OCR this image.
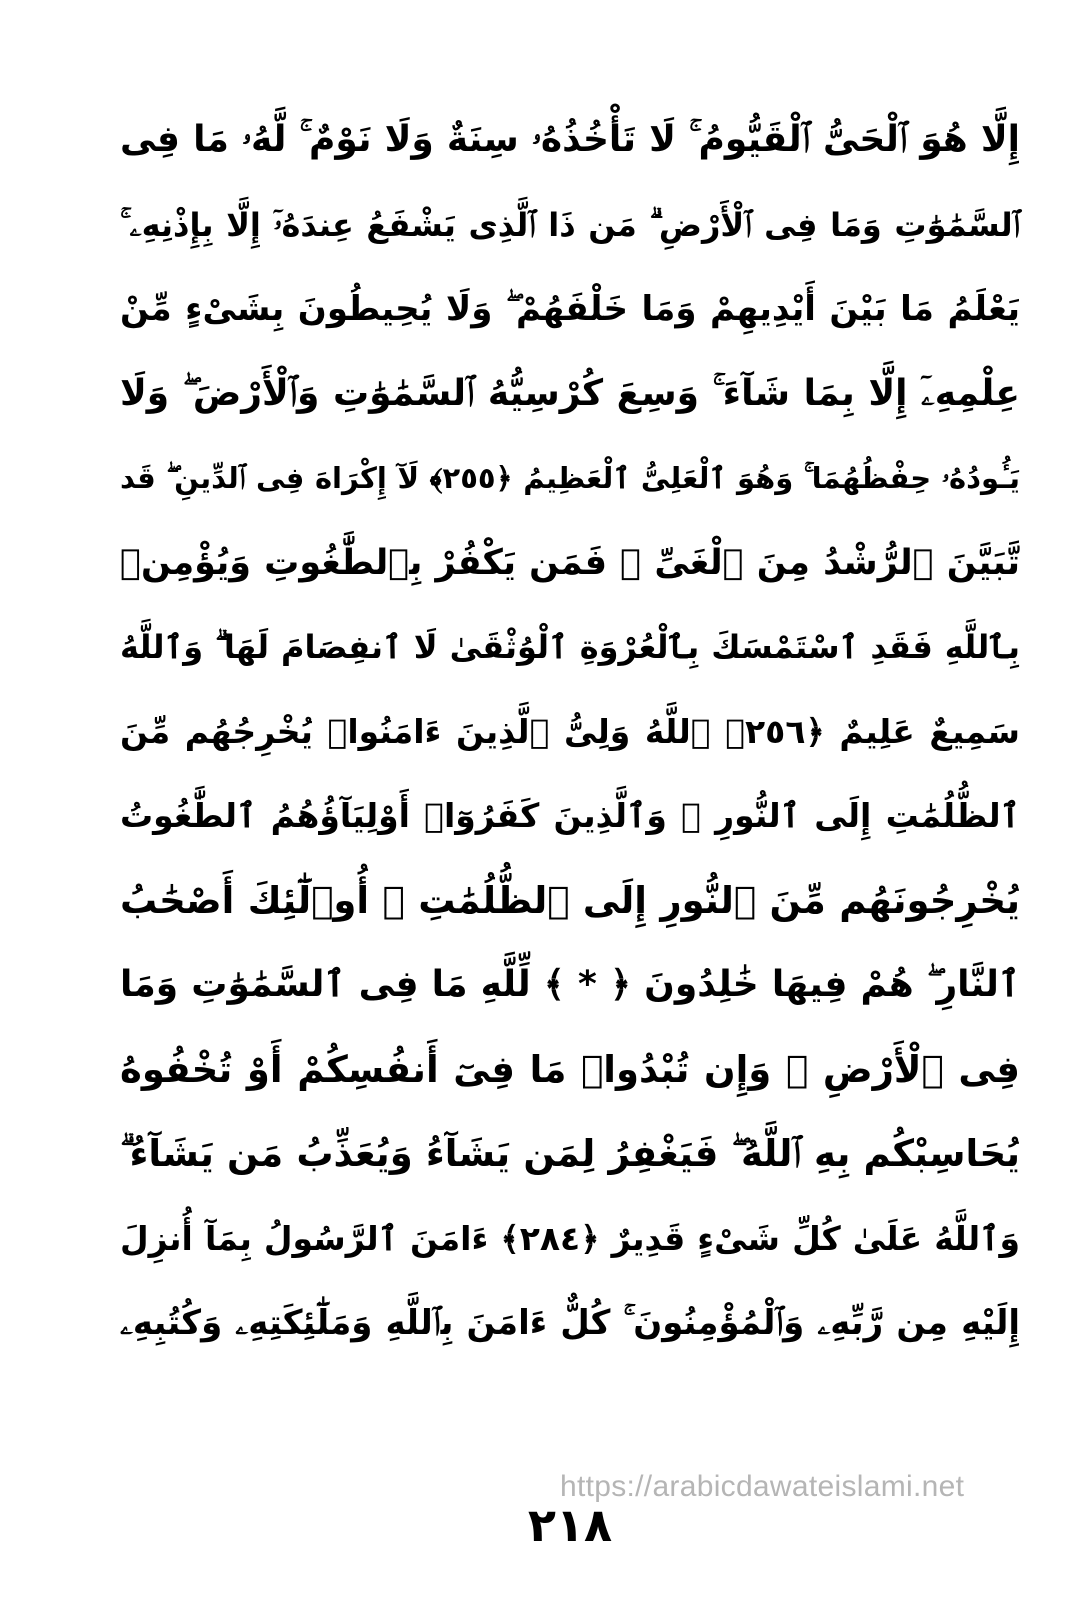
إِلَّا هُوَ ٱلْحَىُّ ٱلْقَيُّومُ ۚ لَا تَأْخُذُهُۥ سِنَةٌ وَلَا نَوْمٌ ۚ لَّهُۥ مَا فِى
ٱلسَّمَٰوَٰتِ وَمَا فِى ٱلْأَرْضِ ۗ مَن ذَا ٱلَّذِى يَشْفَعُ عِندَهُۥٓ إِلَّا بِإِذْنِهِۦ ۚ
يَعْلَمُ مَا بَيْنَ أَيْدِيهِمْ وَمَا خَلْفَهُمْ ۖ وَلَا يُحِيطُونَ بِشَىْءٍ مِّنْ
عِلْمِهِۦٓ إِلَّا بِمَا شَآءَ ۚ وَسِعَ كُرْسِيُّهُ ٱلسَّمَٰوَٰتِ وَٱلْأَرْضَ ۖ وَلَا
يَـُٔودُهُۥ حِفْظُهُمَا ۚ وَهُوَ ٱلْعَلِىُّ ٱلْعَظِيمُ ﴿٢٥٥﴾ لَآ إِكْرَاهَ فِى ٱلدِّينِ ۖ قَد
تَّبَيَّنَ ٱلرُّشْدُ مِنَ ٱلْغَىِّ ۚ فَمَن يَكْفُرْ بِٱلطَّٰغُوتِ وَيُؤْمِنۢ
بِٱللَّهِ فَقَدِ ٱسْتَمْسَكَ بِٱلْعُرْوَةِ ٱلْوُثْقَىٰ لَا ٱنفِصَامَ لَهَا ۗ وَٱللَّهُ
سَمِيعٌ عَلِيمٌ ﴿٢٥٦﴾ ٱللَّهُ وَلِىُّ ٱلَّذِينَ ءَامَنُوا۟ يُخْرِجُهُم مِّنَ
ٱلظُّلُمَٰتِ إِلَى ٱلنُّورِ ۖ وَٱلَّذِينَ كَفَرُوٓا۟ أَوْلِيَآؤُهُمُ ٱلطَّٰغُوتُ
يُخْرِجُونَهُم مِّنَ ٱلنُّورِ إِلَى ٱلظُّلُمَٰتِ ۗ أُو۟لَٰٓئِكَ أَصْحَٰبُ
ٱلنَّارِ ۖ هُمْ فِيهَا خَٰلِدُونَ ﴿ * ﴾ لِّلَّهِ مَا فِى ٱلسَّمَٰوَٰتِ وَمَا
فِى ٱلْأَرْضِ ۗ وَإِن تُبْدُوا۟ مَا فِىٓ أَنفُسِكُمْ أَوْ تُخْفُوهُ
يُحَاسِبْكُم بِهِ ٱللَّهُ ۖ فَيَغْفِرُ لِمَن يَشَآءُ وَيُعَذِّبُ مَن يَشَآءُ ۗ
وَٱللَّهُ عَلَىٰ كُلِّ شَىْءٍ قَدِيرٌ ﴿٢٨٤﴾ ءَامَنَ ٱلرَّسُولُ بِمَآ أُنزِلَ
إِلَيْهِ مِن رَّبِّهِۦ وَٱلْمُؤْمِنُونَ ۚ كُلٌّ ءَامَنَ بِٱللَّهِ وَمَلَٰٓئِكَتِهِۦ وَكُتُبِهِۦ
https://arabicdawateislami.net
٢١٨
